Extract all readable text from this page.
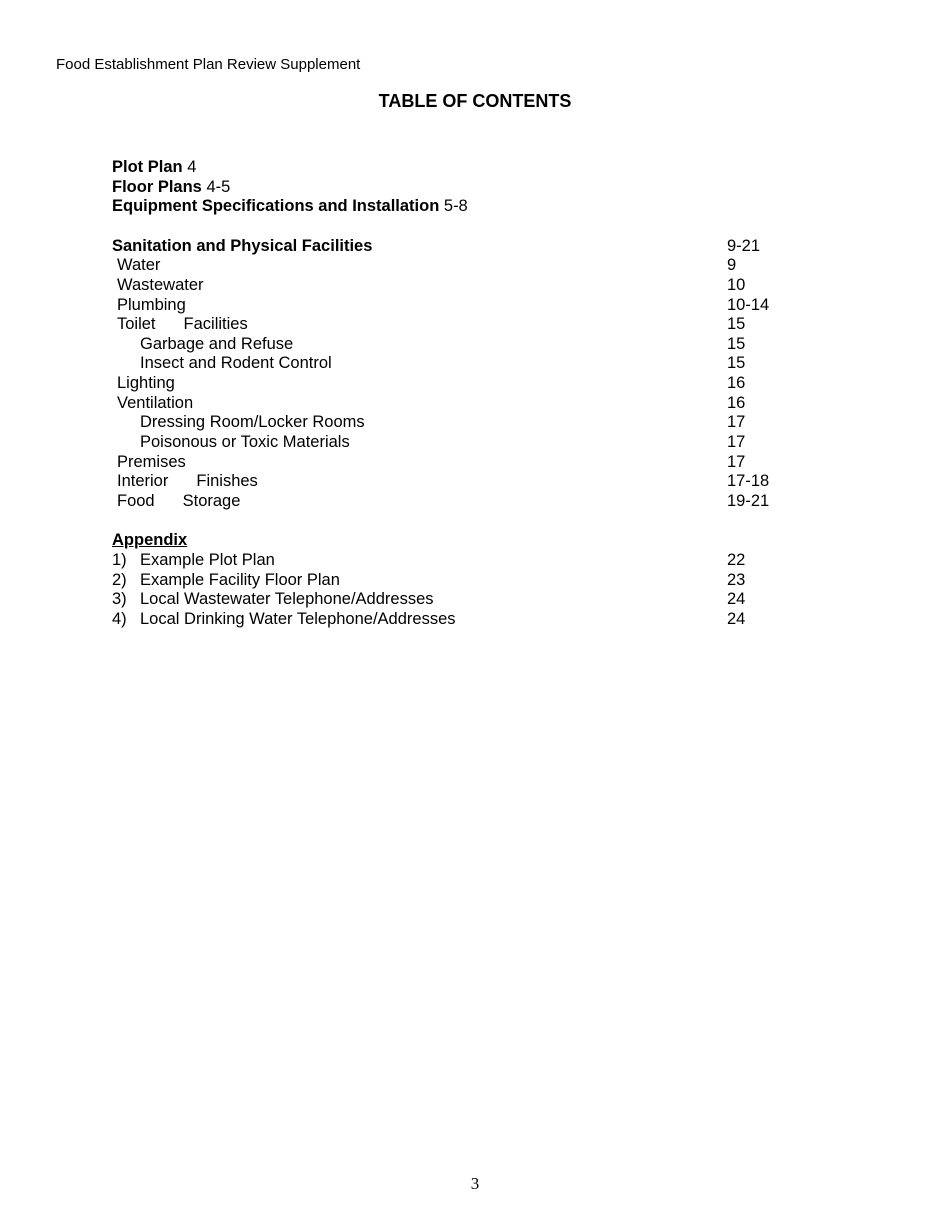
Food Establishment Plan Review Supplement
TABLE OF CONTENTS
Plot Plan 4
Floor Plans 4-5
Equipment Specifications and Installation 5-8
Sanitation and Physical Facilities	9-21
Water	9
Wastewater	10
Plumbing	10-14
Toilet Facilities	15
Garbage and Refuse	15
Insect and Rodent Control	15
Lighting	16
Ventilation	16
Dressing Room/Locker Rooms	17
Poisonous or Toxic Materials	17
Premises	17
Interior Finishes	17-18
Food Storage	19-21
Appendix
1) Example Plot Plan	22
2) Example Facility Floor Plan	23
3) Local Wastewater Telephone/Addresses	24
4) Local Drinking Water Telephone/Addresses	24
3
